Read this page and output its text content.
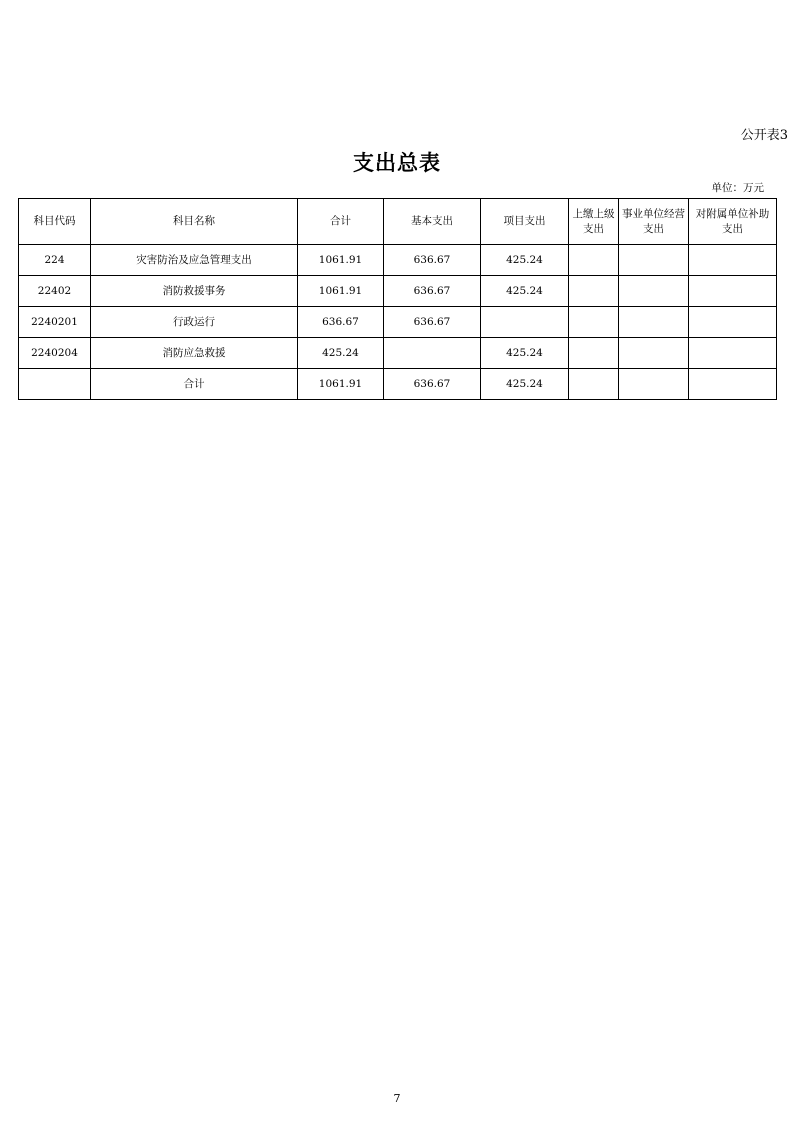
公开表3
支出总表
单位：万元
科目代码	科目名称	合计	基本支出	项目支出	上缴上级支出	事业单位经营支出	对附属单位补助支出
224	灾害防治及应急管理支出	1061.91	636.67	425.24			
22402	消防救援事务	1061.91	636.67	425.24			
2240201	行政运行	636.67	636.67				
2240204	消防应急救援	425.24		425.24			
	合计	1061.91	636.67	425.24			
7
